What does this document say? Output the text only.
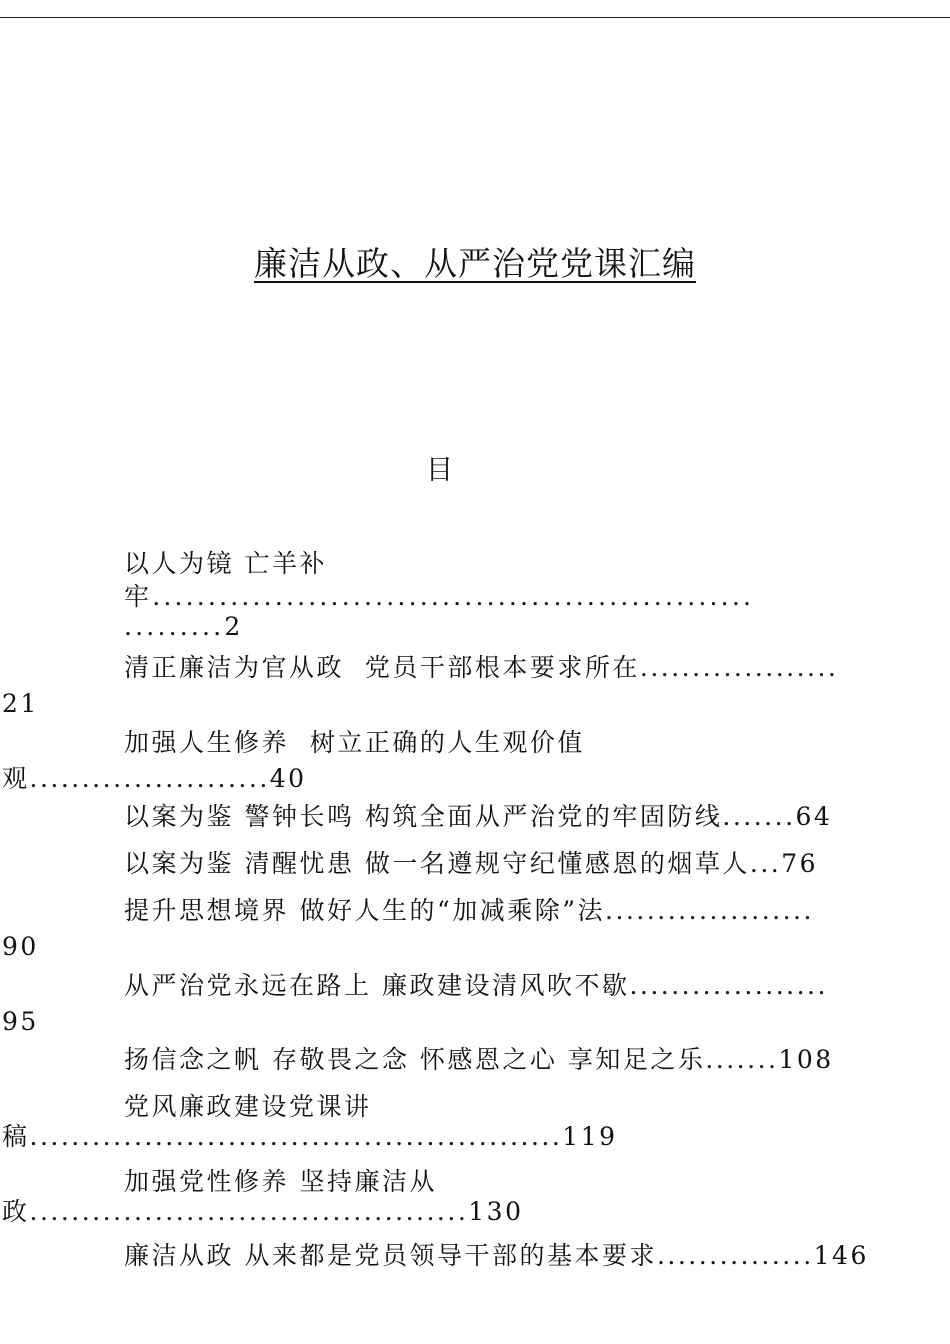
廉洁从政、从严治党党课汇编
目
以人为镜 亡羊补
牢......................................................
.........2
清正廉洁为官从政  党员干部根本要求所在...................
21
加强人生修养  树立正确的人生观价值
观.......................40
以案为鉴 警钟长鸣 构筑全面从严治党的牢固防线.......64
以案为鉴 清醒忧患 做一名遵规守纪懂感恩的烟草人...76
提升思想境界 做好人生的“加减乘除”法....................
90
从严治党永远在路上 廉政建设清风吹不歇...................
95
扬信念之帆 存敬畏之念 怀感恩之心 享知足之乐.......108
党风廉政建设党课讲
稿...................................................119
加强党性修养 坚持廉洁从
政..........................................130
廉洁从政 从来都是党员领导干部的基本要求...............146
